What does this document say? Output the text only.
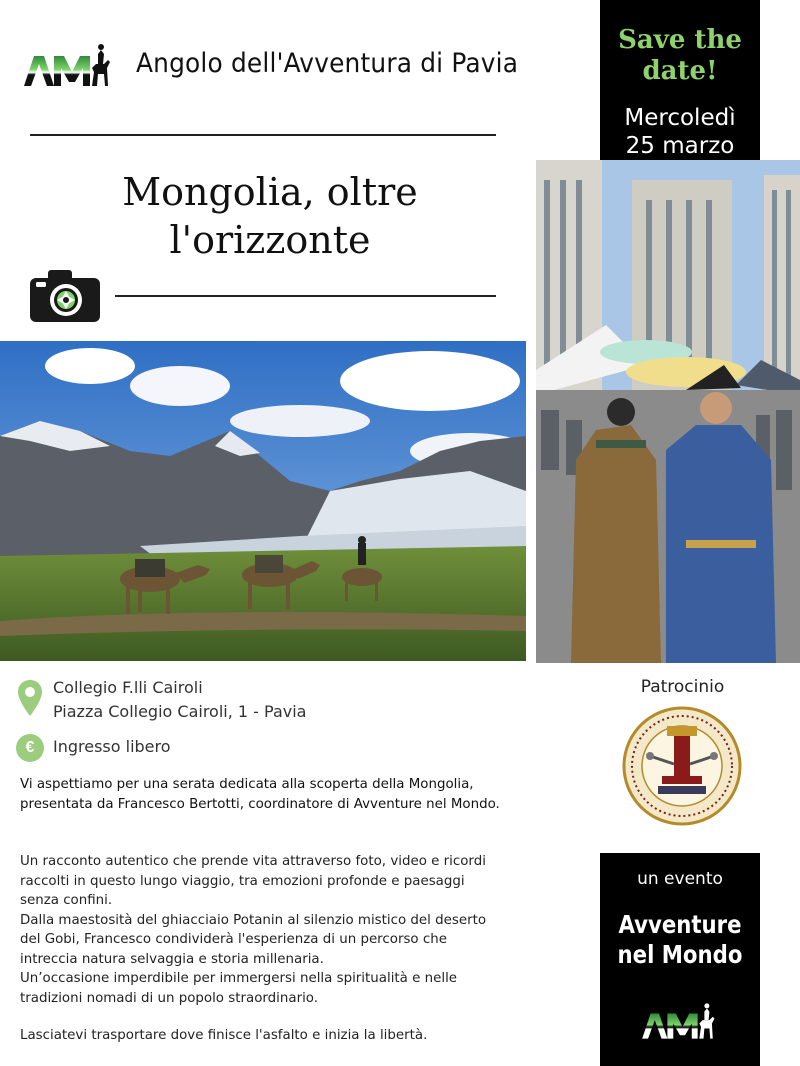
Angolo dell'Avventura di Pavia
Mongolia, oltre l'orizzonte
Save the date!
Mercoledì
25 marzo
Collegio F.lli Cairoli
Piazza Collegio Cairoli, 1 - Pavia
€	Ingresso libero

Vi aspettiamo per una serata dedicata alla scoperta della Mongolia, presentata da Francesco Bertotti, coordinatore di Avventure nel Mondo.

Un racconto autentico che prende vita attraverso foto, video e ricordi raccolti in questo lungo viaggio, tra emozioni profonde e paesaggi senza confini.

Dalla maestosità del ghiacciaio Potanin al silenzio mistico del deserto del Gobi, Francesco condividerà l'esperienza di un percorso che intreccia natura selvaggia e storia millenaria.

Un’occasione imperdibile per immergersi nella spiritualità e nelle tradizioni nomadi di un popolo straordinario.

Lasciatevi trasportare dove finisce l'asfalto e inizia la libertà.

Patrocinio
un evento
Avventure nel Mondo
